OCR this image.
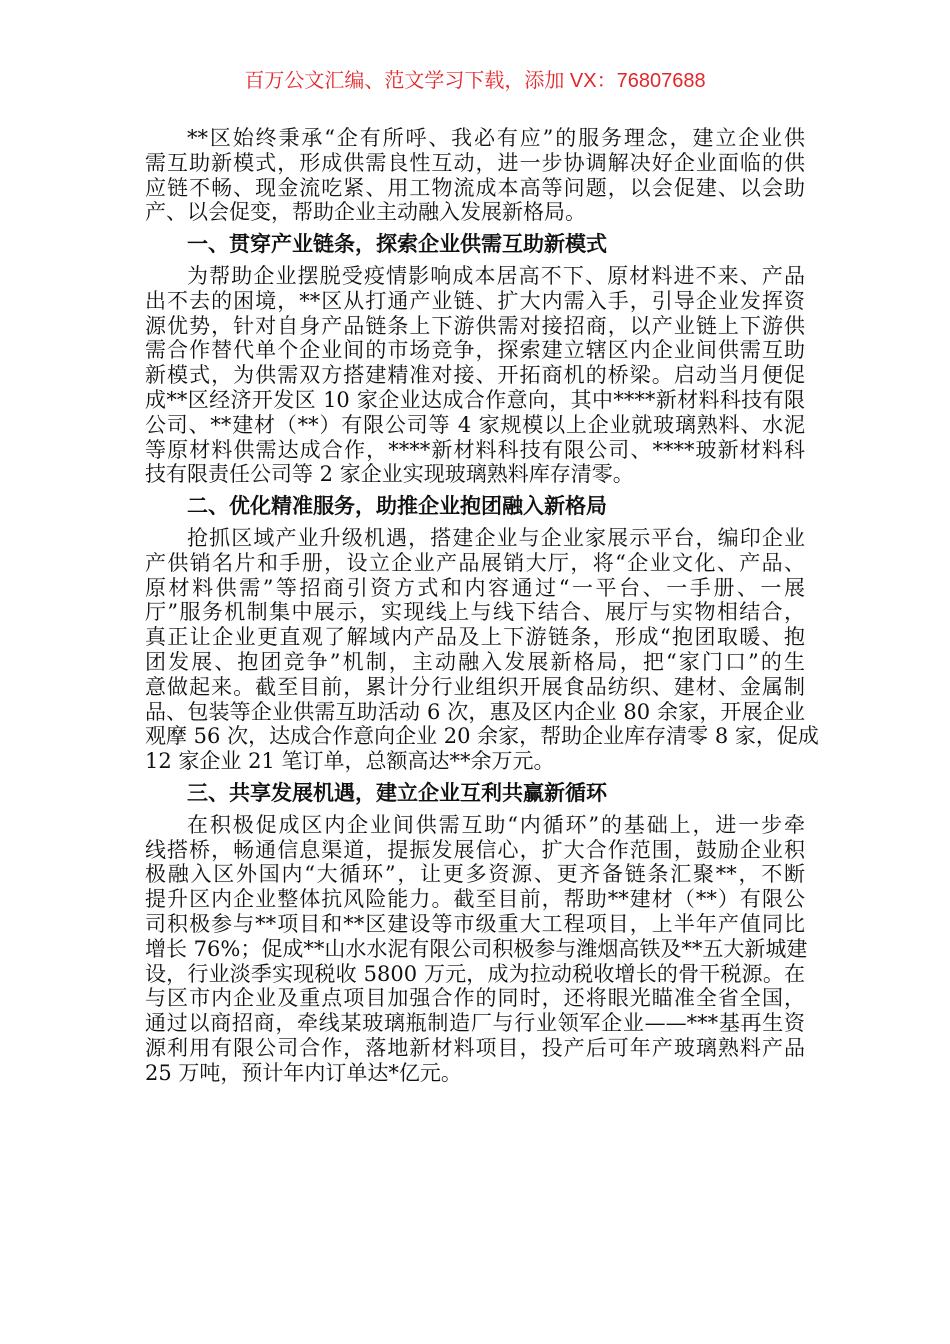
百万公文汇编、范文学习下载，添加 VX：76807688
**区始终秉承“企有所呼、我必有应”的服务理念，建立企业供
需互助新模式，形成供需良性互动，进一步协调解决好企业面临的供
应链不畅、现金流吃紧、用工物流成本高等问题，以会促建、以会助
产、以会促变，帮助企业主动融入发展新格局。
一、贯穿产业链条，探索企业供需互助新模式
为帮助企业摆脱受疫情影响成本居高不下、原材料进不来、产品
出不去的困境，**区从打通产业链、扩大内需入手，引导企业发挥资
源优势，针对自身产品链条上下游供需对接招商，以产业链上下游供
需合作替代单个企业间的市场竞争，探索建立辖区内企业间供需互助
新模式，为供需双方搭建精准对接、开拓商机的桥梁。启动当月便促
成**区经济开发区 10 家企业达成合作意向，其中****新材料科技有限
公司、**建材（**）有限公司等 4 家规模以上企业就玻璃熟料、水泥
等原材料供需达成合作，****新材料科技有限公司、****玻新材料科
技有限责任公司等 2 家企业实现玻璃熟料库存清零。
二、优化精准服务，助推企业抱团融入新格局
抢抓区域产业升级机遇，搭建企业与企业家展示平台，编印企业
产供销名片和手册，设立企业产品展销大厅，将“企业文化、产品、
原材料供需”等招商引资方式和内容通过“一平台、一手册、一展
厅”服务机制集中展示，实现线上与线下结合、展厅与实物相结合，
真正让企业更直观了解域内产品及上下游链条，形成“抱团取暖、抱
团发展、抱团竞争”机制，主动融入发展新格局，把“家门口”的生
意做起来。截至目前，累计分行业组织开展食品纺织、建材、金属制
品、包装等企业供需互助活动 6 次，惠及区内企业 80 余家，开展企业
观摩 56 次，达成合作意向企业 20 余家，帮助企业库存清零 8 家，促成
12 家企业 21 笔订单，总额高达**余万元。
三、共享发展机遇，建立企业互利共赢新循环
在积极促成区内企业间供需互助“内循环”的基础上，进一步牵
线搭桥，畅通信息渠道，提振发展信心，扩大合作范围，鼓励企业积
极融入区外国内“大循环”，让更多资源、更齐备链条汇聚**，不断
提升区内企业整体抗风险能力。截至目前，帮助**建材（**）有限公
司积极参与**项目和**区建设等市级重大工程项目，上半年产值同比
增长 76%；促成**山水水泥有限公司积极参与潍烟高铁及**五大新城建
设，行业淡季实现税收 5800 万元，成为拉动税收增长的骨干税源。在
与区市内企业及重点项目加强合作的同时，还将眼光瞄准全省全国，
通过以商招商，牵线某玻璃瓶制造厂与行业领军企业——***基再生资
源利用有限公司合作，落地新材料项目，投产后可年产玻璃熟料产品
25 万吨，预计年内订单达*亿元。
